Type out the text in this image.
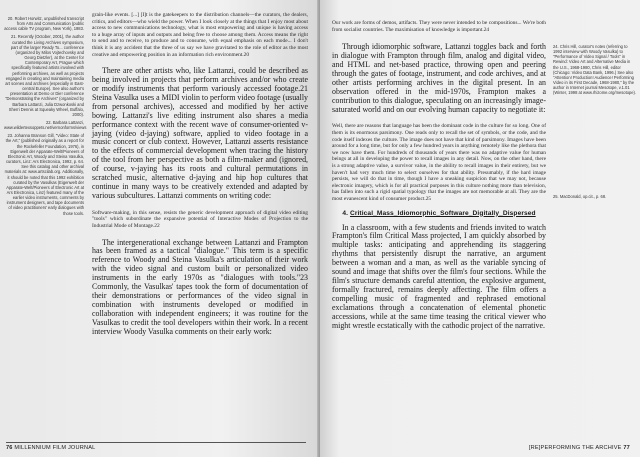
20. Robert Horwitz, unpublished transcript from Arts and Communication (public access cable TV program, New York), 1983.

21. Recently (October, 2001), the author curated the Living Archives symposium, part of the larger Ready To... conference (organized by Milos Vojtechovsky and Georg Dietzler), at the Center for Contemporary Art, Prague which specifically featured artists involved with performing archives, as well as projects engaged in creating and maintaining media art scenes and archives (especially in East-central Europe). See also author's presentation at Demo or Die! conference "Demonstrating the Archives" (organized by Barbara Lattanzi, Julia Dzwonkoski and Sherri Dennis at Squeaky Wheel, Buffalo, 2000).

22. Barbara Lattanzi, www.wildertexsoppets.net/vernonforms/views

23. Johanna Branson Gill, "Video: State of the Art," (published originally as a report for the Rockefeller Foundation, 1976), in Eigenwelt der Apparate-Welt/Pioneers of Electronic Art, Woody and Steina Vasulka, curators, Linz: Ars Electronica, 1992, p. 64. See this catalog and other archival materials at: www.artscilab.org. Additionally, it should be noted that this 1992 exhibition curated by the Vasulkas (Eigenwelt der Apparate-Welt/Pioneers of Electronic Art at Ars Electronica, Linz) featured many of the earlier video instruments, comments by instrument designers, and tape documents of video practitioners' early dialogues with those tools.

grain-like events. [...] [I]t is the gatekeepers to the distribution channels—the curators, the dealers, critics, and editors—who wield the power. When I look closely at the things that I enjoy most about access to new communications technology, what is most empowering and unique is having access to a huge array of inputs and outputs and being free to choose among them. Access means the right to send and to receive, to produce and to consume, with equal emphasis on each mode... I don't think it is any accident that the three of us say we have gravitated to the role of editor as the most creative and empowering position in an information rich environment.20

There are other artists who, like Lattanzi, could be described as being involved in projects that perform archives and/or who create or modify instruments that perform variously accessed footage.21 Steina Vasulka uses a MIDI violin to perform video footage (usually from personal archives), accessed and modified by her active bowing. Lattanzi's live editing instrument also shares a media performance context with the recent wave of consumer-oriented v-jaying (video d-jaying) software, applied to video footage in a music concert or club context. However, Lattanzi asserts resistance to the effects of commercial development when tracing the history of the tool from her perspective as both a film-maker and (ignored, of course, v-jaying has its roots and cultural permutations in scratched music, alternative d-jaying and hip hop cultures that continue in many ways to be creatively extended and adapted by various subcultures. Lattanzi comments on writing code:

Software-making, in this sense, resists the generic development approach of digital video editing "tools" which subordinate the expansive potential of Interactive Modes of Projection to the Industrial Mode of Montage.22

The intergenerational exchange between Lattanzi and Frampton has been framed as a tactical "dialogue." This term is a specific reference to Woody and Steina Vasulka's articulation of their work with the video signal and custom built or personalized video instruments in the early 1970s as "dialogues with tools."23 Commonly, the Vasulkas' tapes took the form of documentation of their demonstrations or performances of the video signal in combination with instruments developed or modified in collaboration with independent engineers; it was routine for the Vasulkas to credit the tool developers within their work. In a recent interview Woody Vasulka comments on their early work:

76 MILLENNIUM FILM JOURNAL	[RE]PERFORMING THE ARCHIVE 77

Our work are forms of demos, artifacts. They were never intended to be compositions... We're both from socialist countries. The maximisation of knowledge is important.24

Through idiomorphic software, Lattanzi toggles back and forth in dialogue with Frampton through film, analog and digital video, and HTML and net-based practice, throwing open and peering through the gates of footage, instrument, and code archives, and at other artists performing archives in the digital present. In an observation offered in the mid-1970s, Frampton makes a contribution to this dialogue, speculating on an increasingly image-saturated world and on our evolving human capacity to negotiate it:

Well, there are reasons that language has been the dominant code in the culture for so long. One of them is its enormous parsimony. One reads only to recall the set of symbols, or the code, and the code itself indexes the culture. The image does not have that kind of parsimony. Images have been around for a long time, but for only a few hundred years in anything remotely like the plethora that we now have them. For hundreds of thousands of years there was no adaptive value for human beings at all in developing the power to recall images in any detail. Now, on the other hand, there is a strong adaptive value, a survivor value, in the ability to recall images in their entirety, but we haven't had very much time to select ourselves for that ability. Presumably, if the hard image persists, we will do that in time, though I have a sneaking suspicion that we may not, because electronic imagery, which is for all practical purposes in this culture nothing more than television, has fallen into such a rigid spatial typology that the images are not memorable at all. They are the most evanescent kind of consumer product.25

4. Critical_Mass_Idiomorphic_Software_Digitally_Dispersed

In a classroom, with a few students and friends invited to watch Frampton's film Critical Mass projected, I am quickly absorbed by multiple tasks: anticipating and apprehending its staggering rhythms that persistently disrupt the narrative, an argument between a woman and a man, as well as the variable syncing of sound and image that shifts over the film's four sections. While the film's structure demands careful attention, the explosive argument, formally fractured, remains deeply affecting. The film offers a compelling music of fragmented and rephrased emotional exclamations through a concatenation of elemental phonetic accessions, while at the same time teasing the critical viewer who might wrestle ecstatically with the cathodic project of the narrative.

24. Chris Hill, curator's notes (referring to 1992 interview with Woody Vasulka) to "Performance of Video Signal / Tools" in Rewind: Video Art and Alternative Media in the U.S., 1968-1980, Chris Hill, editor (Chicago: Video Data Bank, 1996.) See also "Attention! Production! Audience! Performing Video in its First Decade, 1968-1980," by the author in Internet journal Mesotope, v.1.01 (Winter, 1998 at www.rhizome.org/mesotope).

25. MacDonald, op.cit., p. 68.
